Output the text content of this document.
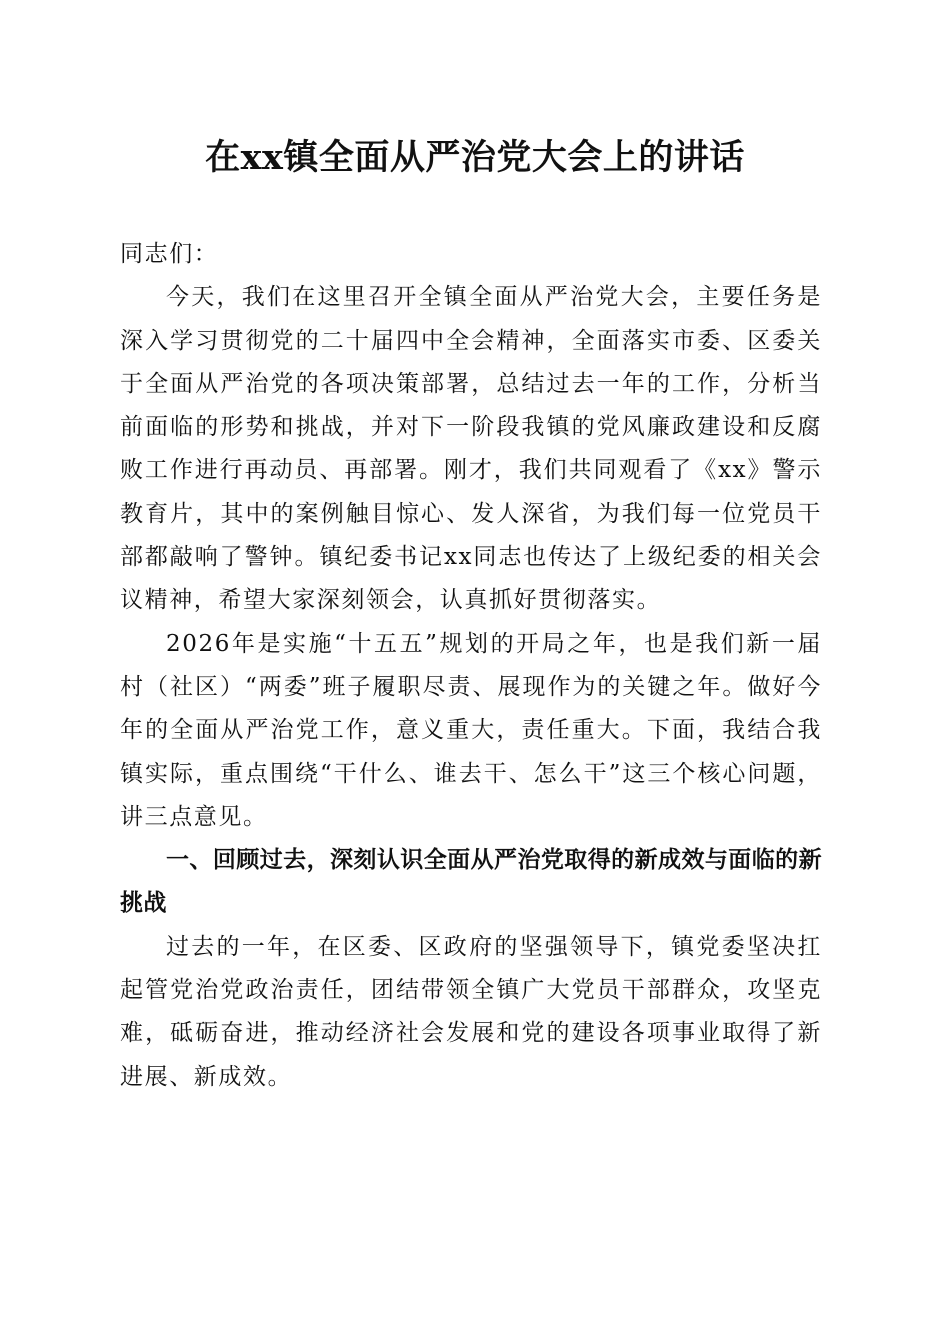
在xx镇全面从严治党大会上的讲话

同志们：

今天，我们在这里召开全镇全面从严治党大会，主要任务是深入学习贯彻党的二十届四中全会精神，全面落实市委、区委关于全面从严治党的各项决策部署，总结过去一年的工作，分析当前面临的形势和挑战，并对下一阶段我镇的党风廉政建设和反腐败工作进行再动员、再部署。刚才，我们共同观看了《xx》警示教育片，其中的案例触目惊心、发人深省，为我们每一位党员干部都敲响了警钟。镇纪委书记xx同志也传达了上级纪委的相关会议精神，希望大家深刻领会，认真抓好贯彻落实。

2026年是实施“十五五”规划的开局之年，也是我们新一届村（社区）“两委”班子履职尽责、展现作为的关键之年。做好今年的全面从严治党工作，意义重大，责任重大。下面，我结合我镇实际，重点围绕“干什么、谁去干、怎么干”这三个核心问题，讲三点意见。

一、回顾过去，深刻认识全面从严治党取得的新成效与面临的新挑战

过去的一年，在区委、区政府的坚强领导下，镇党委坚决扛起管党治党政治责任，团结带领全镇广大党员干部群众，攻坚克难，砥砺奋进，推动经济社会发展和党的建设各项事业取得了新进展、新成效。
